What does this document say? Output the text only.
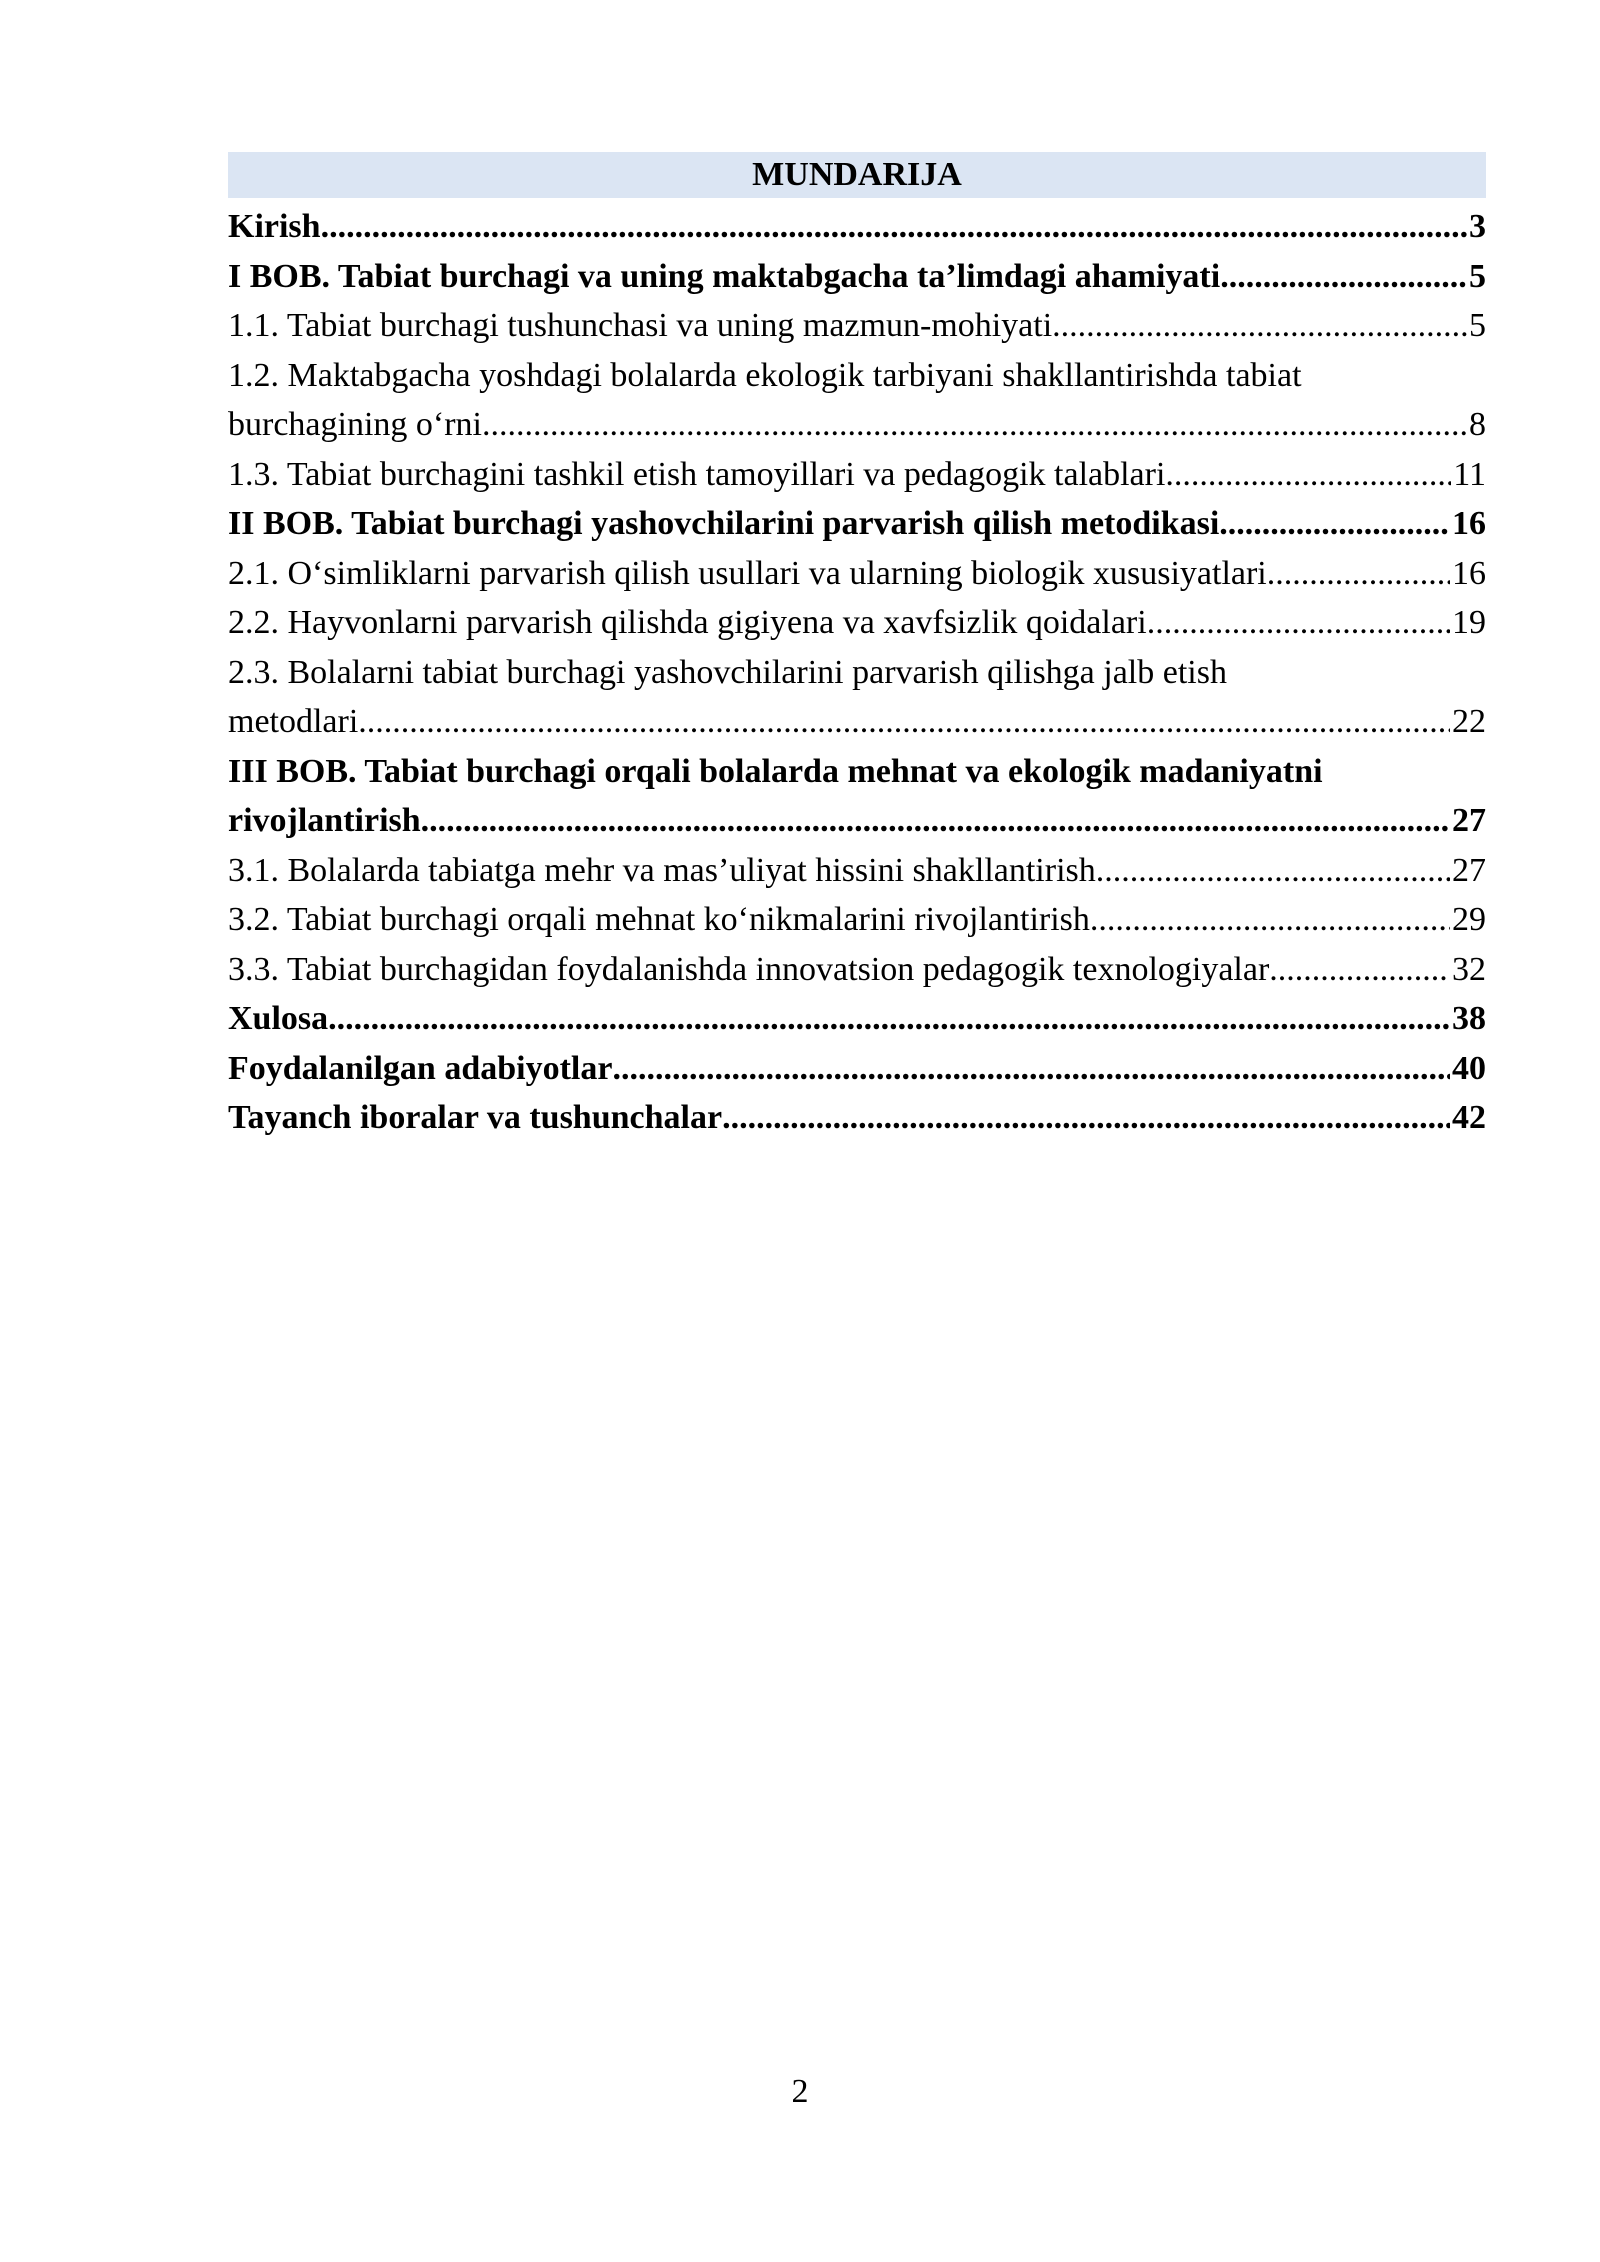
MUNDARIJA
Kirish .....	3
I BOB. Tabiat burchagi va uning maktabgacha ta’limdagi ahamiyati .....	5
1.1. Tabiat burchagi tushunchasi va uning mazmun-mohiyati .....	5
1.2. Maktabgacha yoshdagi bolalarda ekologik tarbiyani shakllantirishda tabiat
burchagining o‘rni .....	8
1.3. Tabiat burchagini tashkil etish tamoyillari va pedagogik talablari .....	11
II BOB. Tabiat burchagi yashovchilarini parvarish qilish metodikasi .....	16
2.1. O‘simliklarni parvarish qilish usullari va ularning biologik xususiyatlari .....	16
2.2. Hayvonlarni parvarish qilishda gigiyena va xavfsizlik qoidalari .....	19
2.3. Bolalarni tabiat burchagi yashovchilarini parvarish qilishga jalb etish
metodlari .....	22
III BOB. Tabiat burchagi orqali bolalarda mehnat va ekologik madaniyatni
rivojlantirish .....	27
3.1. Bolalarda tabiatga mehr va mas’uliyat hissini shakllantirish .....	27
3.2. Tabiat burchagi orqali mehnat ko‘nikmalarini rivojlantirish .....	29
3.3. Tabiat burchagidan foydalanishda innovatsion pedagogik texnologiyalar .....	32
Xulosa .....	38
Foydalanilgan adabiyotlar .....	40
Tayanch iboralar va tushunchalar .....	42
2
